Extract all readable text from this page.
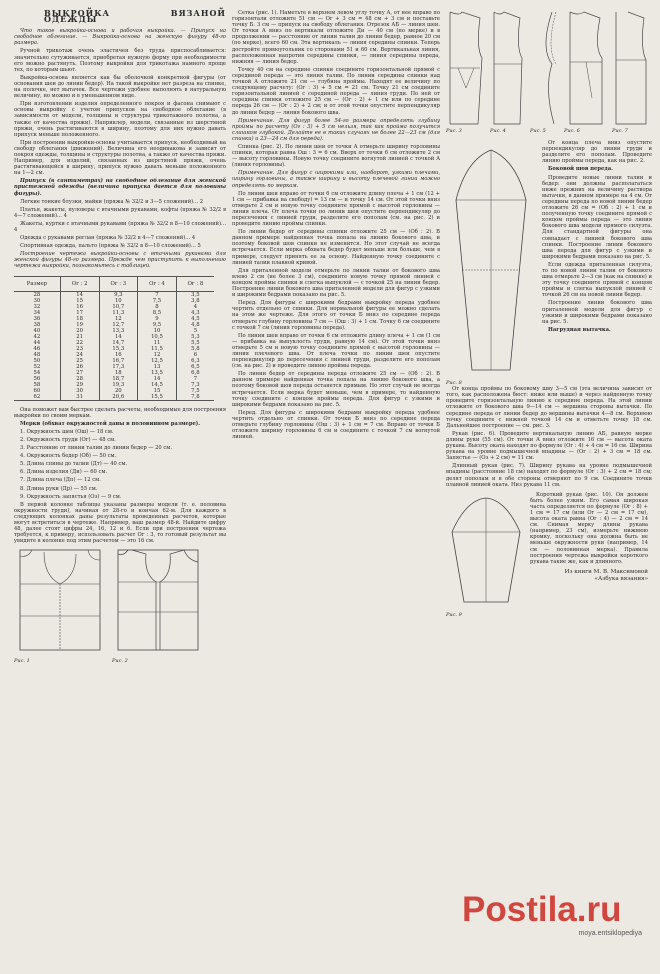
ВЫКРОЙКА ВЯЗАНОЙ ОДЕЖДЫ

Что такое выкройка-основа и рабочая выкройка. — Припуск на свободное облегание. — Выкройка-основа на женскую фигуру 48-го размера.

Ручной трикотаж очень эластичен без труда приспосабливается: значительно сутуживается, приобретая нужную форму при необходимости его можно растянуть. Поэтому выкройки для трикотажа намного проще тех, по которым шьют.

Выкройка-основа является как бы оболочкой конкретной фигуры (от основания шеи до линии бедер). На такой выкройке нет разреза на спинке, на полочке, нет вытачек. Все чертежи удобнее выполнять в натуральную величину, но можно и в уменьшенном виде.

При изготовлении изделия определенного покроя и фасона снимают с основы выкройку с учетом припусков на свободное облегание (в зависимости от модели, толщины и структуры трикотажного полотна, а также от качества пряжи). Наприклер, модели, связанные из шерстяной пряжи, очень растягиваются в ширину, поэтому для них нужно давать припуск меньше положенного.

При построении выкройки-основы учитывается припуск, необходимый на свободу облегания (движений). Величина его неодинакова и зависит от покроя одежды, толщины и структуры полотна, а также от качества пряжи. Например, для изделий, связанных из шерстяной пряжи, очень растягивающейся в ширину, припуск нужно давать меньше положенного на 1—2 см.

Припуск (в сантиметрах) на свободное облегание для женской пристежной одежды (величина припуска дается для половины фигуры).

Легкие тонкие блузки, майки (пряжа № 32/2 и 3—5 сложений)... 2

Платья, жакеты, пуловеры с втачными рукавами, кофты (пряжа № 32/2 в 4—7 сложений)... 4

Жакеты, куртки с втачными рукавами (пряжа № 32/2 в 8—10 сложений)... 4

Одежда с рукавами реглан (пряжа № 32/2 в 4—7 сложений)... 4

Спортивная одежда, пальто (пряжа № 32/2 в 8—10 сложений)... 5

Построение чертежа выкройки-основы с втачными рукавами для женской фигуры 48-го размера. Прежде чем приступить к выполнению чертежа выкройки, познакомьтесь с таблицей.

Размер	Ог : 2	Ог : 3	Ог : 4	Ог : 8
28	14	9,3	7	3,5
30	15	10	7,5	3,8
32	16	10,7	8	4
34	17	11,3	8,5	4,3
36	18	12	9	4,5
38	19	12,7	9,5	4,8
40	20	13,3	10	5
42	21	14	10,5	5,3
44	22	14,7	11	5,5
46	23	15,3	11,5	5,8
48	24	16	12	6
50	25	16,7	12,5	6,3
52	26	17,3	13	6,5
54	27	18	13,5	6,8
56	28	18,7	14	7
58	29	19,3	14,5	7,3
60	30	20	15	7,5
62	31	20,6	15,5	7,8

Она поможет вам быстрее сделать расчеты, необходимые для построения выкройки по своим меркам.

Мерки (обхват окружностей даны в половинном размере).

1. Окружность шеи (Ош) — 18 см.

2. Окружность груди (Ог) — 48 см.

3. Расстояние от линии талии до линии бедер — 20 см.

4. Окружность бедер (Об) — 50 см.

5. Длина спины до талии (Дт) — 40 см.

6. Длина изделия (Ди) — 60 см.

7. Длина плеча (Дп) — 12 см.

8. Длина руки (Др) — 55 см.

9. Окружность запястья (Оз) — 9 см.

В первой колонке таблицы указаны размеры модели (т. е. половина окружности груди), начиная от 28-го и кончая 62-м. Для каждого в следующих колонках даны результаты проведенных расчетов, которые могут встретиться в чертеже. Например, ваш размер 48-й. Найдите цифру 48, далее стоят цифры 24, 16, 12 и 6. Если при построении чертежа требуется, к примеру, использовать расчет Ог : 3, то готовый результат вы увидите в колонке под этим расчетом — это 16 см.

Рис. 1	Рис. 2

Сетка (рис. 1). Наметьте в верхнем левом углу точку А, от нее вправо по горизонтали отложите 51 см — Ог + 3 см = 48 см + 3 см и поставьте точку Б. 3 см — припуск на свободу облегания. Отрезок АБ — линия шеи. От точки А вниз по вертикали отложите Ди — 40 см (по мерке) и в продолжении — расстояние от линии талии до линии бедер, равное 20 см (по мерке), всего 60 см. Эта вертикаль — линия середины спинки. Теперь достройте прямоугольник со сторонами 51 и 60 см. Вертикальная линия, расположенная напротив середины спинки, — линия середины переда, нижняя — линия бедер.

Точку 40 см на середине спинки соедините горизонтальной прямой с серединой переда — это линия талии. По линии середины спинки над точкой А отложите 21 см — глубина проймы. Находят ее величину по следующему расчету: (Ог : 3) + 5 см = 21 см. Точку 21 см соедините горизонтальной линией с серединой переда — линия груди. По ней от середины спинки отложите 25 см — (Ог : 2) + 1 см или по середине переда 26 см — (Ог : 2) + 2 см; и от этой точки опустите перпендикуляр до линии бедер — линия бокового шва.

Примечание. Для фигур более 54-го размера определять глубину проймы по расчету (Ог : 3) + 5 см нельзя, так как пройма получится слишком глубокой. Делайте ее в таких случаях не более 22—23 см (для спинки) и 23—24 см для переда).

Спинка (рис. 2). По линии шеи от точки А отмерьте ширину горловины спинки, которая равна Ош : 3 = 6 см. Вверх от точки 6 см отложите 2 см — высоту горловины. Новую точку соедините вогнутой линией с точкой А (линия горловины).

Примечание. Для фигур с широкими или, наоборот, узкими плечами, ширину горловины, а также ширину и высоту плечевой линии можно определять по меркам.

По линии шеи вправо от точки 6 см отложите длину плеча + 1 см (12 + 1 см — прибавка на свободу) = 13 см — и точку 14 см. От этой точки вниз отмерьте 2 см и новую точку соедините прямой с высотой горловины — линия плеча. От плеча точки по линии шеи опустите перпендикуляр до пересечения с линией груди, разделите его пополам (см. на рис. 2) и проведите линию проймы спинки.

По линии бедер от середины спинки отложите 25 см — (Об : 2). В данном примере найденная точка попала на линию бокового шва, и поэтому боковой шов спинки не изменится. Но этот случай не всегда встречается. Если мерка обхвата бедер будет меньше или больше, чем в примере, следует принять ее за основу. Найденную точку соедините с линией талии плавной кривой.

Для приталенной модели отмерьте по линии талии от бокового шва влево 2 см (не более 3 см), соедините новую точку прямой линией с концом проймы спинки и слегка выпуклой — с точкой 25 на линии бедер. Построение линии бокового шва приталенной модели для фигур с узкими и широкими бедрами показано на рис. 5.

Перед. Для фигуры с широкими бедрами выкройку переда удобнее чертить отдельно от спинки. Для нормальной фигуры ее можно сделать на этом же чертеже. Для этого от точки Б вниз по середине переда отмерьте глубину горловины 7 см — (Ош : 3) + 1 см. Точку 6 см соедините с точкой 7 см (линия горловины переда).

По линии шеи вправо от точки 6 см отложите длину плеча + 1 см (1 см — прибавка на выпуклость груди, равную 14 см). От этой точки вниз отмерьте 5 см и новую точку соедините прямой с высотой горловины — линия плечевого шва. От плеча точки по линии шеи опустите перпендикуляр до пересечения с линией груди, разделите его пополам (см. на рис. 2) и проведите линию проймы переда.

По линии бедер от середины переда отложите 25 см — (Об : 2). В данном примере найденная точка попала на линию бокового шва, а поэтому боковой шов переда останется прямым. Но этот случай не всегда встречается. Если мерка будет меньше, чем в примере, то найденную точку соедините с концом проймы переда. Для фигур с узкими и широкими бедрами показано на рис. 5.

Перед. Для фигуры с широкими бедрами выкройку переда удобнее чертить отдельно от спинки. От точки Б вниз по середине переда отмерьте глубину горловины (Ош : 3) + 1 см = 7 см. Вправо от точки Б отложите ширину горловины 6 см и соедините с точкой 7 см вогнутой линией.

Рис. 3	Рис. 4	Рис. 5	Рис. 6	Рис. 7
Рис. 8

От конца плеча вниз опустите перпендикуляр до линии груди и разделите его пополам. Проведите линию проймы переда, как на рис. 2.

Боковой шов переда.

Проведите новые линии талии и бедер: они должны располагаться ниже прежних на величину раствора вытачки, в данном примере на 4 см. От середины переда по новой линии бедер отложите 26 см = (Об : 2) + 1 см и полученную точку соедините прямой с концом проймы переда — это линия бокового шва модели прямого силуэта. Для стандартной фигуры она совпадает с линией бокового шва спинки. Построение линии бокового шва переда для фигур с узкими и широкими бедрами показано на рис. 5.

Если одежда приталенная силуэта, то по новой линии талии от бокового шва отмерьте 2—3 см (как на спинке) и эту точку соедините прямой с концом проймы и слегка выпуклой линией с точкой 26 см на новой линии бедер.

Построение линии бокового шва приталенной модели для фигур с узкими и широкими бедрами показано на рис. 5.

Нагрудная вытачка.

От конца проймы по боковому шву 3—5 см (эта величина зависит от того, как расположена бюст: ниже или выше) и через найденную точку проведите горизонтальную линию к середине переда. На этой линии отложите от бокового шва 9—14 см — вершина стороны вытачки. По середине переда от линии бедер до вершины вытачки 4—8 см. Верхнюю точку соедините с нижней точкой 14 см и отметьте точку 18 см. Дальнейшее построение — см. рис. 3.

Рукав (рис. 6). Проведите вертикальную линию АБ, равную мерке длины руки (55 см). От точки А вниз отложите 16 см — высота оката рукава. Высоту оката находят по формуле (Ог : 4) + 4 см = 16 см. Ширина рукава на уровне подмышечной впадины — (Ог : 2) + 3 см = 18 см. Запястье — (Оз + 2 см) = 11 см.

Длинный рукав (рис. 7). Ширину рукава на уровне подмышечной впадины (расстояние 18 см) находят по формуле (Ог : 3) + 2 см = 18 см; делят пополам и в обе стороны отмеряют по 9 см. Соедините точки плавной линией оката. Низ рукава 11 см.

Рис. 9

Короткий рукав (рис. 10). Он должен быть более узким. Его самая широкая часть определяется по формуле (Ог : 8) + 1 см = 17 см (или Ог — 2 см = 17 см), высота оката равна (Ог : 4) — 2 см = 14 см. Снимая мерку длины рукава (например, 23 см), измерьте нижнюю кромку, поскольку она должна быть не меньше окружности руки (например, 14 см — половинная мерка). Правила построения чертежа выкройки короткого рукава такие же, как и длинного.

Из книги М. В. Максимовой
«Азбука вязания»
Postila.ru
moya.entsiklopediya
